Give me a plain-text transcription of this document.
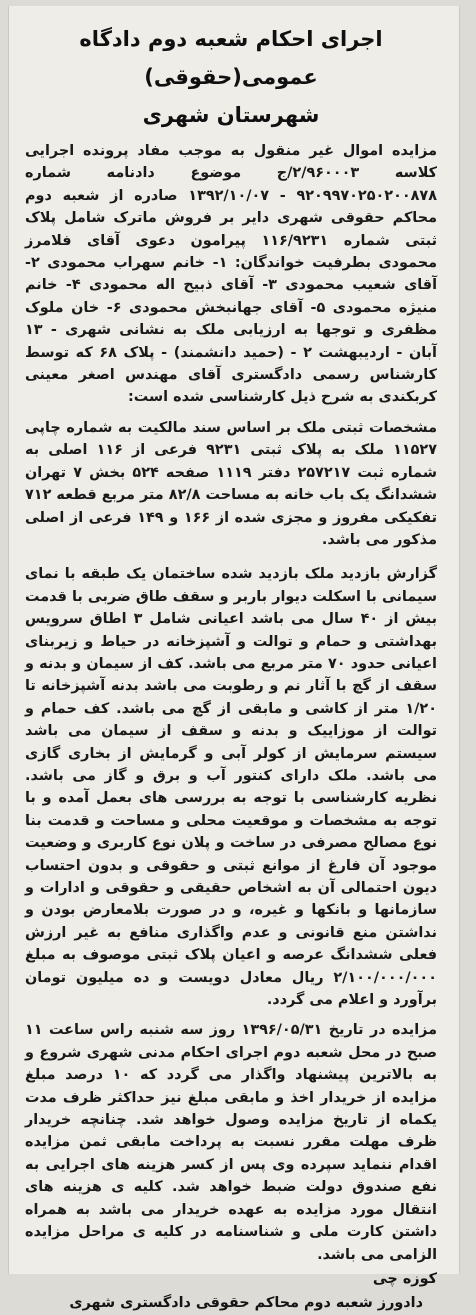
اجرای احکام شعبه دوم دادگاه عمومی(حقوقی)
شهرستان شهری

مزایده اموال غیر منقول به موجب مفاد پرونده اجرایی کلاسه ۲/۹۶۰۰۰۳/ج موضوع دادنامه شماره ۹۲۰۹۹۷۰۲۵۰۲۰۰۸۷۸ - ۱۳۹۲/۱۰/۰۷ صادره از شعبه دوم محاکم حقوقی شهری دایر بر فروش ماترک شامل پلاک ثبتی شماره ۱۱۶/۹۲۳۱ پیرامون دعوی آقای فلامرز محمودی بطرفیت خواندگان: ۱- خانم سهراب محمودی ۲- آقای شعیب محمودی ۳- آقای ذبیح اله محمودی ۴- خانم منیژه محمودی ۵- آقای جهانبخش محمودی ۶- خان ملوک مظفری و توجها به ارزیابی ملک به نشانی شهری - ۱۳ آبان - اردیبهشت ۲ - (حمید دانشمند) - پلاک ۶۸ که توسط کارشناس رسمی دادگستری آقای مهندس اصغر معینی کربکندی به شرح ذیل کارشناسی شده است:

مشخصات ثبتی ملک بر اساس سند مالکیت به شماره چاپی ۱۱۵۲۷ ملک به پلاک ثبتی ۹۲۳۱ فرعی از ۱۱۶ اصلی به شماره ثبت ۲۵۷۲۱۷ دفتر ۱۱۱۹ صفحه ۵۲۴ بخش ۷ تهران ششدانگ یک باب خانه به مساحت ۸۲/۸ متر مربع قطعه ۷۱۲ تفکیکی مفروز و مجزی شده از ۱۶۶ و ۱۴۹ فرعی از اصلی مذکور می باشد.

گزارش بازدید ملک بازدید شده ساختمان یک طبقه با نمای سیمانی با اسکلت دیوار باربر و سقف طاق ضربی با قدمت بیش از ۴۰ سال می باشد اعیانی شامل ۳ اطاق سرویس بهداشتی و حمام و توالت و آشپزخانه در حیاط و زیربنای اعیانی حدود ۷۰ متر مربع می باشد. کف از سیمان و بدنه و سقف از گچ با آثار نم و رطوبت می باشد بدنه آشپزخانه تا ۱/۲۰ متر از کاشی و مابقی از گچ می باشد. کف حمام و توالت از موزاییک و بدنه و سقف از سیمان می باشد سیستم سرمایش از کولر آبی و گرمایش از بخاری گازی می باشد. ملک دارای کنتور آب و برق و گاز می باشد. نظریه کارشناسی با توجه به بررسی های بعمل آمده و با توجه به مشخصات و موقعیت محلی و مساحت و قدمت بنا نوع مصالح مصرفی در ساخت و پلان نوع کاربری و وضعیت موجود آن فارغ از موانع ثبتی و حقوقی و بدون احتساب دیون احتمالی آن به اشخاص حقیقی و حقوقی و ادارات و سازمانها و بانکها و غیره، و در صورت بلامعارض بودن و نداشتن منع قانونی و عدم واگذاری منافع به غیر ارزش فعلی ششدانگ عرصه و اعیان پلاک ثبتی موصوف به مبلغ ۲/۱۰۰/۰۰۰/۰۰۰ ریال معادل دویست و ده میلیون تومان برآورد و اعلام می گردد.

مزایده در تاریخ ۱۳۹۶/۰۵/۳۱ روز سه شنبه راس ساعت ۱۱ صبح در محل شعبه دوم اجرای احکام مدنی شهری شروع و به بالاترین پیشنهاد واگذار می گردد که ۱۰ درصد مبلغ مزایده از خریدار اخذ و مابقی مبلغ نیز حداکثر ظرف مدت یکماه از تاریخ مزایده وصول خواهد شد. چنانچه خریدار ظرف مهلت مقرر نسبت به پرداخت مابقی ثمن مزایده اقدام ننماید سپرده وی پس از کسر هزینه های اجرایی به نفع صندوق دولت ضبط خواهد شد. کلیه ی هزینه های انتقال مورد مزایده به عهده خریدار می باشد به همراه داشتن کارت ملی و شناسنامه در کلیه ی مراحل مزایده الزامی می باشد.

کوزه چی
دادورز شعبه دوم محاکم حقوقی دادگستری شهری
